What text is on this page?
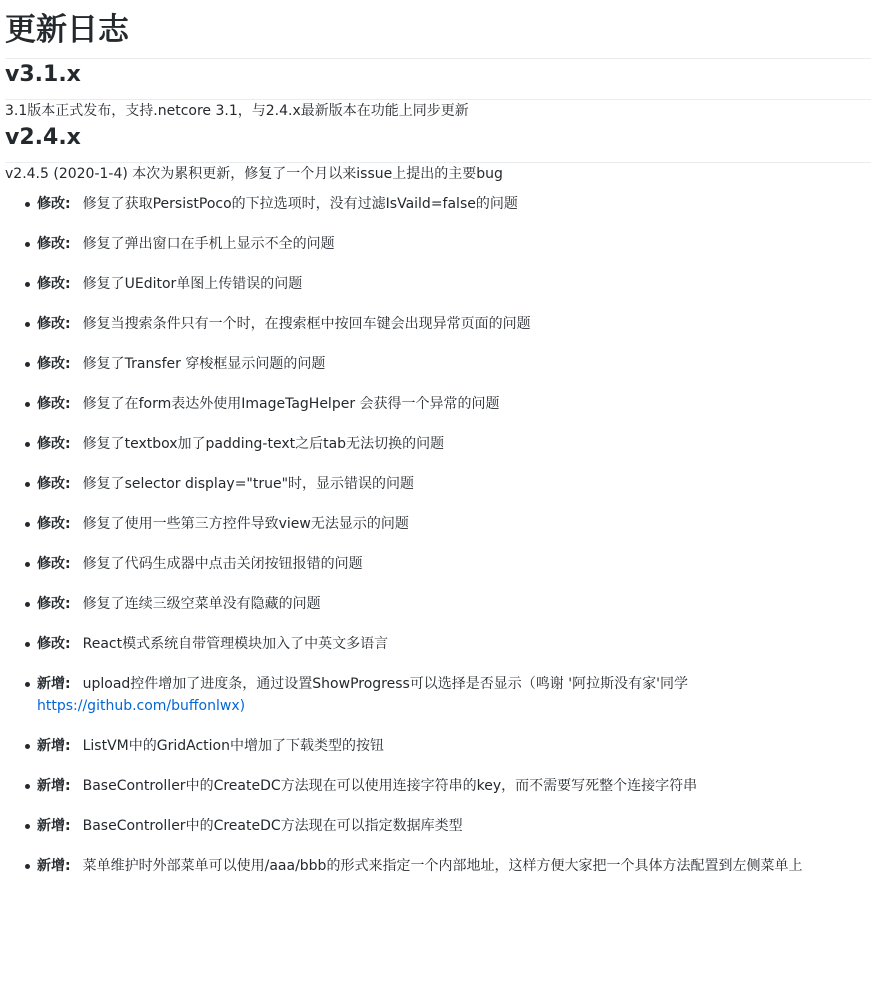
更新日志
v3.1.x

3.1版本正式发布，支持.netcore 3.1，与2.4.x最新版本在功能上同步更新

v2.4.x

v2.4.5 (2020-1-4) 本次为累积更新，修复了一个月以来issue上提出的主要bug

修改: 修复了获取PersistPoco的下拉选项时，没有过滤IsVaild=false的问题
修改: 修复了弹出窗口在手机上显示不全的问题
修改: 修复了UEditor单图上传错误的问题
修改: 修复当搜索条件只有一个时，在搜索框中按回车键会出现异常页面的问题
修改: 修复了Transfer 穿梭框显示问题的问题
修改: 修复了在form表达外使用ImageTagHelper 会获得一个异常的问题
修改: 修复了textbox加了padding-text之后tab无法切换的问题
修改: 修复了selector display="true"时，显示错误的问题
修改: 修复了使用一些第三方控件导致view无法显示的问题
修改: 修复了代码生成器中点击关闭按钮报错的问题
修改: 修复了连续三级空菜单没有隐藏的问题
修改: React模式系统自带管理模块加入了中英文多语言
新增: upload控件增加了进度条，通过设置ShowProgress可以选择是否显示（鸣谢 '阿拉斯没有家'同学
https://github.com/buffonlwx)
新增: ListVM中的GridAction中增加了下载类型的按钮
新增: BaseController中的CreateDC方法现在可以使用连接字符串的key，而不需要写死整个连接字符串
新增: BaseController中的CreateDC方法现在可以指定数据库类型
新增: 菜单维护时外部菜单可以使用/aaa/bbb的形式来指定一个内部地址，这样方便大家把一个具体方法配置到左侧菜单上
